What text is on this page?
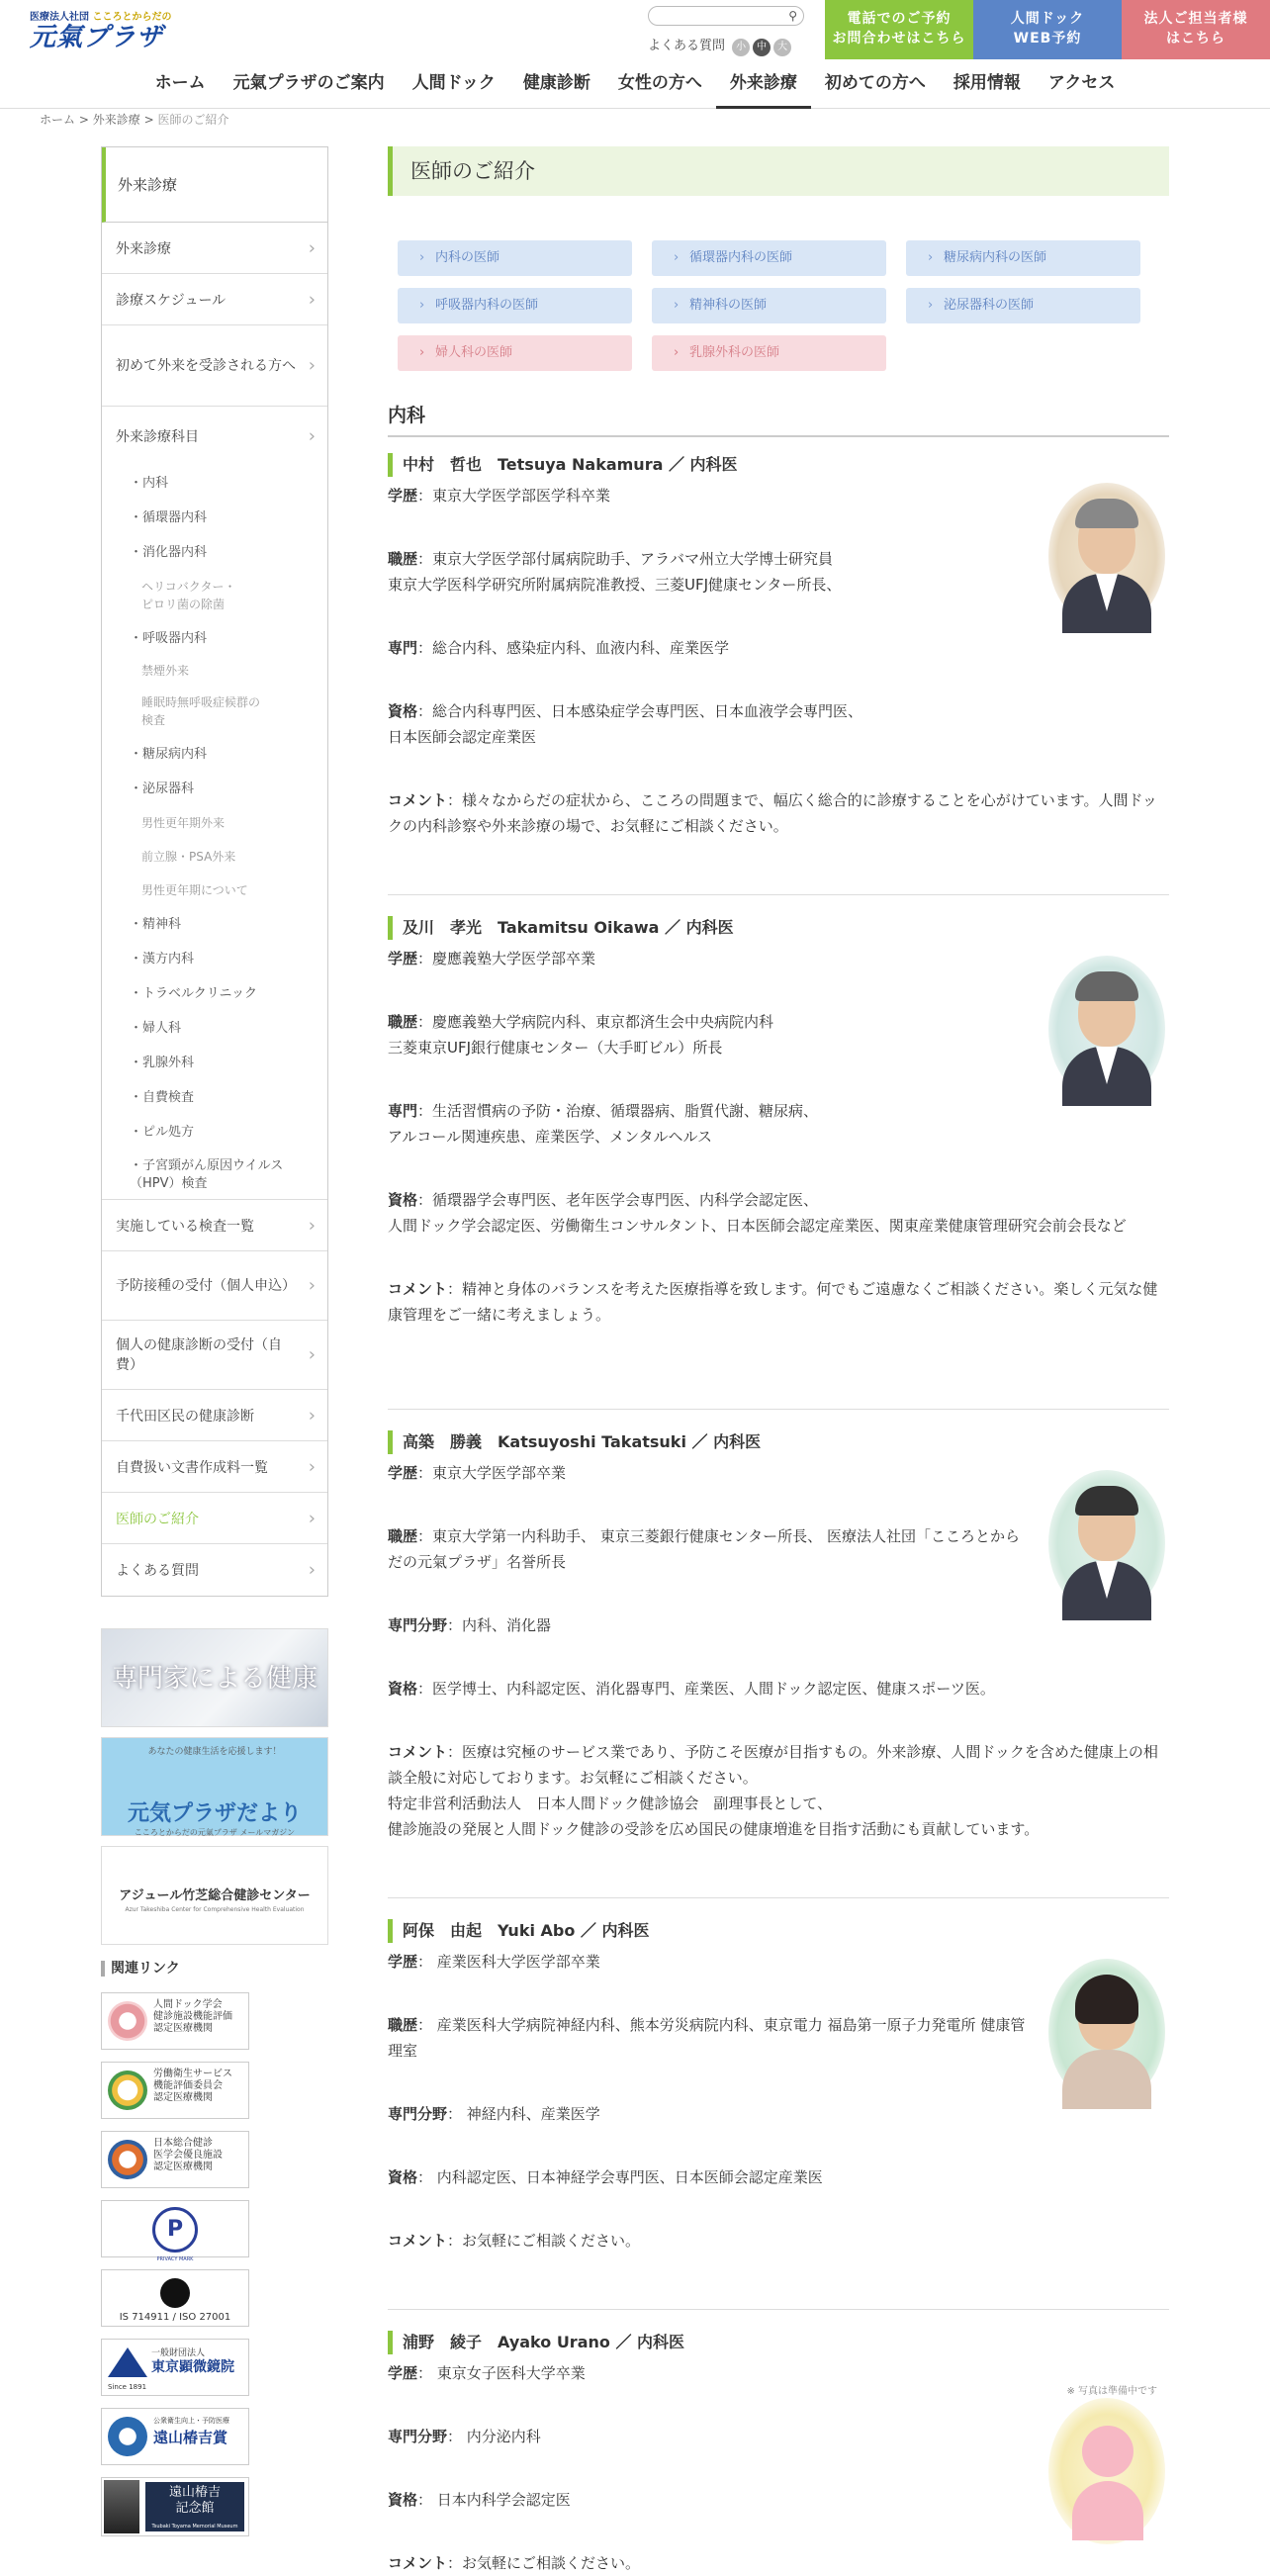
医療法人社団 こころとからだの
元氣プラザ
⚲
よくある質問 小 中 大
電話でのご予約
お問合わせはこちら
人間ドック
WEB予約
法人ご担当者様
はこちら
ホーム	元氣プラザのご案内	人間ドック	健康診断	女性の方へ	外来診療	初めての方へ	採用情報	アクセス
ホーム > 外来診療 > 医師のご紹介
外来診療
外来診療 ›
診療スケジュール ›
初めて外来を受診される方へ ›
外来診療科目 ›
・内科
・循環器内科
・消化器内科
ヘリコバクター・
ピロリ菌の除菌
・呼吸器内科
禁煙外来
睡眠時無呼吸症候群の
検査
・糖尿病内科
・泌尿器科
男性更年期外来
前立腺・PSA外来
男性更年期について
・精神科
・漢方内科
・トラベルクリニック
・婦人科
・乳腺外科
・自費検査
・ピル処方
・子宮頸がん原因ウイルス
（HPV）検査
実施している検査一覧 ›
予防接種の受付（個人申込） ›
個人の健康診断の受付（自費） ›
千代田区民の健康診断 ›
自費扱い文書作成料一覧 ›
医師のご紹介 ›
よくある質問 ›
専門家による健康
あなたの健康生活を応援します！
元気プラザだより
こころとからだの元氣プラザ メールマガジン
アジュール竹芝総合健診センター
Azur Takeshiba Center for Comprehensive Health Evaluation
関連リンク
人間ドック学会
健診施設機能評価
認定医療機関
労働衛生サービス
機能評価委員会
認定医療機関
日本総合健診
医学会優良施設
認定医療機関
P
PRIVACY MARK

IS 714911 / ISO 27001
一般財団法人
東京顕微鏡院
Since 1891
公衆衛生向上・予防医療
遠山椿吉賞
遠山椿吉
記念館
Tsubaki Toyama Memorial Museum
医師のご紹介
› 内科の医師	› 循環器内科の医師	› 糖尿病内科の医師
› 呼吸器内科の医師	› 精神科の医師	› 泌尿器科の医師
› 婦人科の医師	› 乳腺外科の医師
内科
中村　哲也　Tetsuya Nakamura ／ 内科医
学歴：東京大学医学部医学科卒業
職歴：東京大学医学部付属病院助手、アラバマ州立大学博士研究員
東京大学医科学研究所附属病院准教授、三菱UFJ健康センター所長、
専門：総合内科、感染症内科、血液内科、産業医学
資格：総合内科専門医、日本感染症学会専門医、日本血液学会専門医、
日本医師会認定産業医
コメント：様々なからだの症状から、こころの問題まで、幅広く総合的に診療することを心がけています。人間ドックの内科診察や外来診療の場で、お気軽にご相談ください。
及川　孝光　Takamitsu Oikawa ／ 内科医
学歴：慶應義塾大学医学部卒業
職歴：慶應義塾大学病院内科、東京都済生会中央病院内科
三菱東京UFJ銀行健康センター（大手町ビル）所長
専門：生活習慣病の予防・治療、循環器病、脂質代謝、糖尿病、
アルコール関連疾患、産業医学、メンタルヘルス
資格：循環器学会専門医、老年医学会専門医、内科学会認定医、
人間ドック学会認定医、労働衛生コンサルタント、日本医師会認定産業医、関東産業健康管理研究会前会長など
コメント：精神と身体のバランスを考えた医療指導を致します。何でもご遠慮なくご相談ください。楽しく元気な健康管理をご一緒に考えましょう。
高築　勝義　Katsuyoshi Takatsuki ／ 内科医
学歴：東京大学医学部卒業
職歴：東京大学第一内科助手、 東京三菱銀行健康センター所長、 医療法人社団「こころとからだの元氣プラザ」名誉所長
専門分野：内科、消化器
資格：医学博士、内科認定医、消化器専門、産業医、人間ドック認定医、健康スポーツ医。
コメント：医療は究極のサービス業であり、予防こそ医療が目指すもの。外来診療、人間ドックを含めた健康上の相談全般に対応しております。お気軽にご相談ください。
特定非営利活動法人　日本人間ドック健診協会　副理事長として、
健診施設の発展と人間ドック健診の受診を広め国民の健康増進を目指す活動にも貢献しています。
阿保　由起　Yuki Abo ／ 内科医
学歴： 産業医科大学医学部卒業
職歴： 産業医科大学病院神経内科、熊本労災病院内科、東京電力 福島第一原子力発電所 健康管理室
専門分野： 神経内科、産業医学
資格： 内科認定医、日本神経学会専門医、日本医師会認定産業医
コメント：お気軽にご相談ください。
浦野　綾子　Ayako Urano ／ 内科医
※ 写真は準備中です
学歴： 東京女子医科大学卒業
専門分野： 内分泌内科
資格： 日本内科学会認定医
コメント：お気軽にご相談ください。
